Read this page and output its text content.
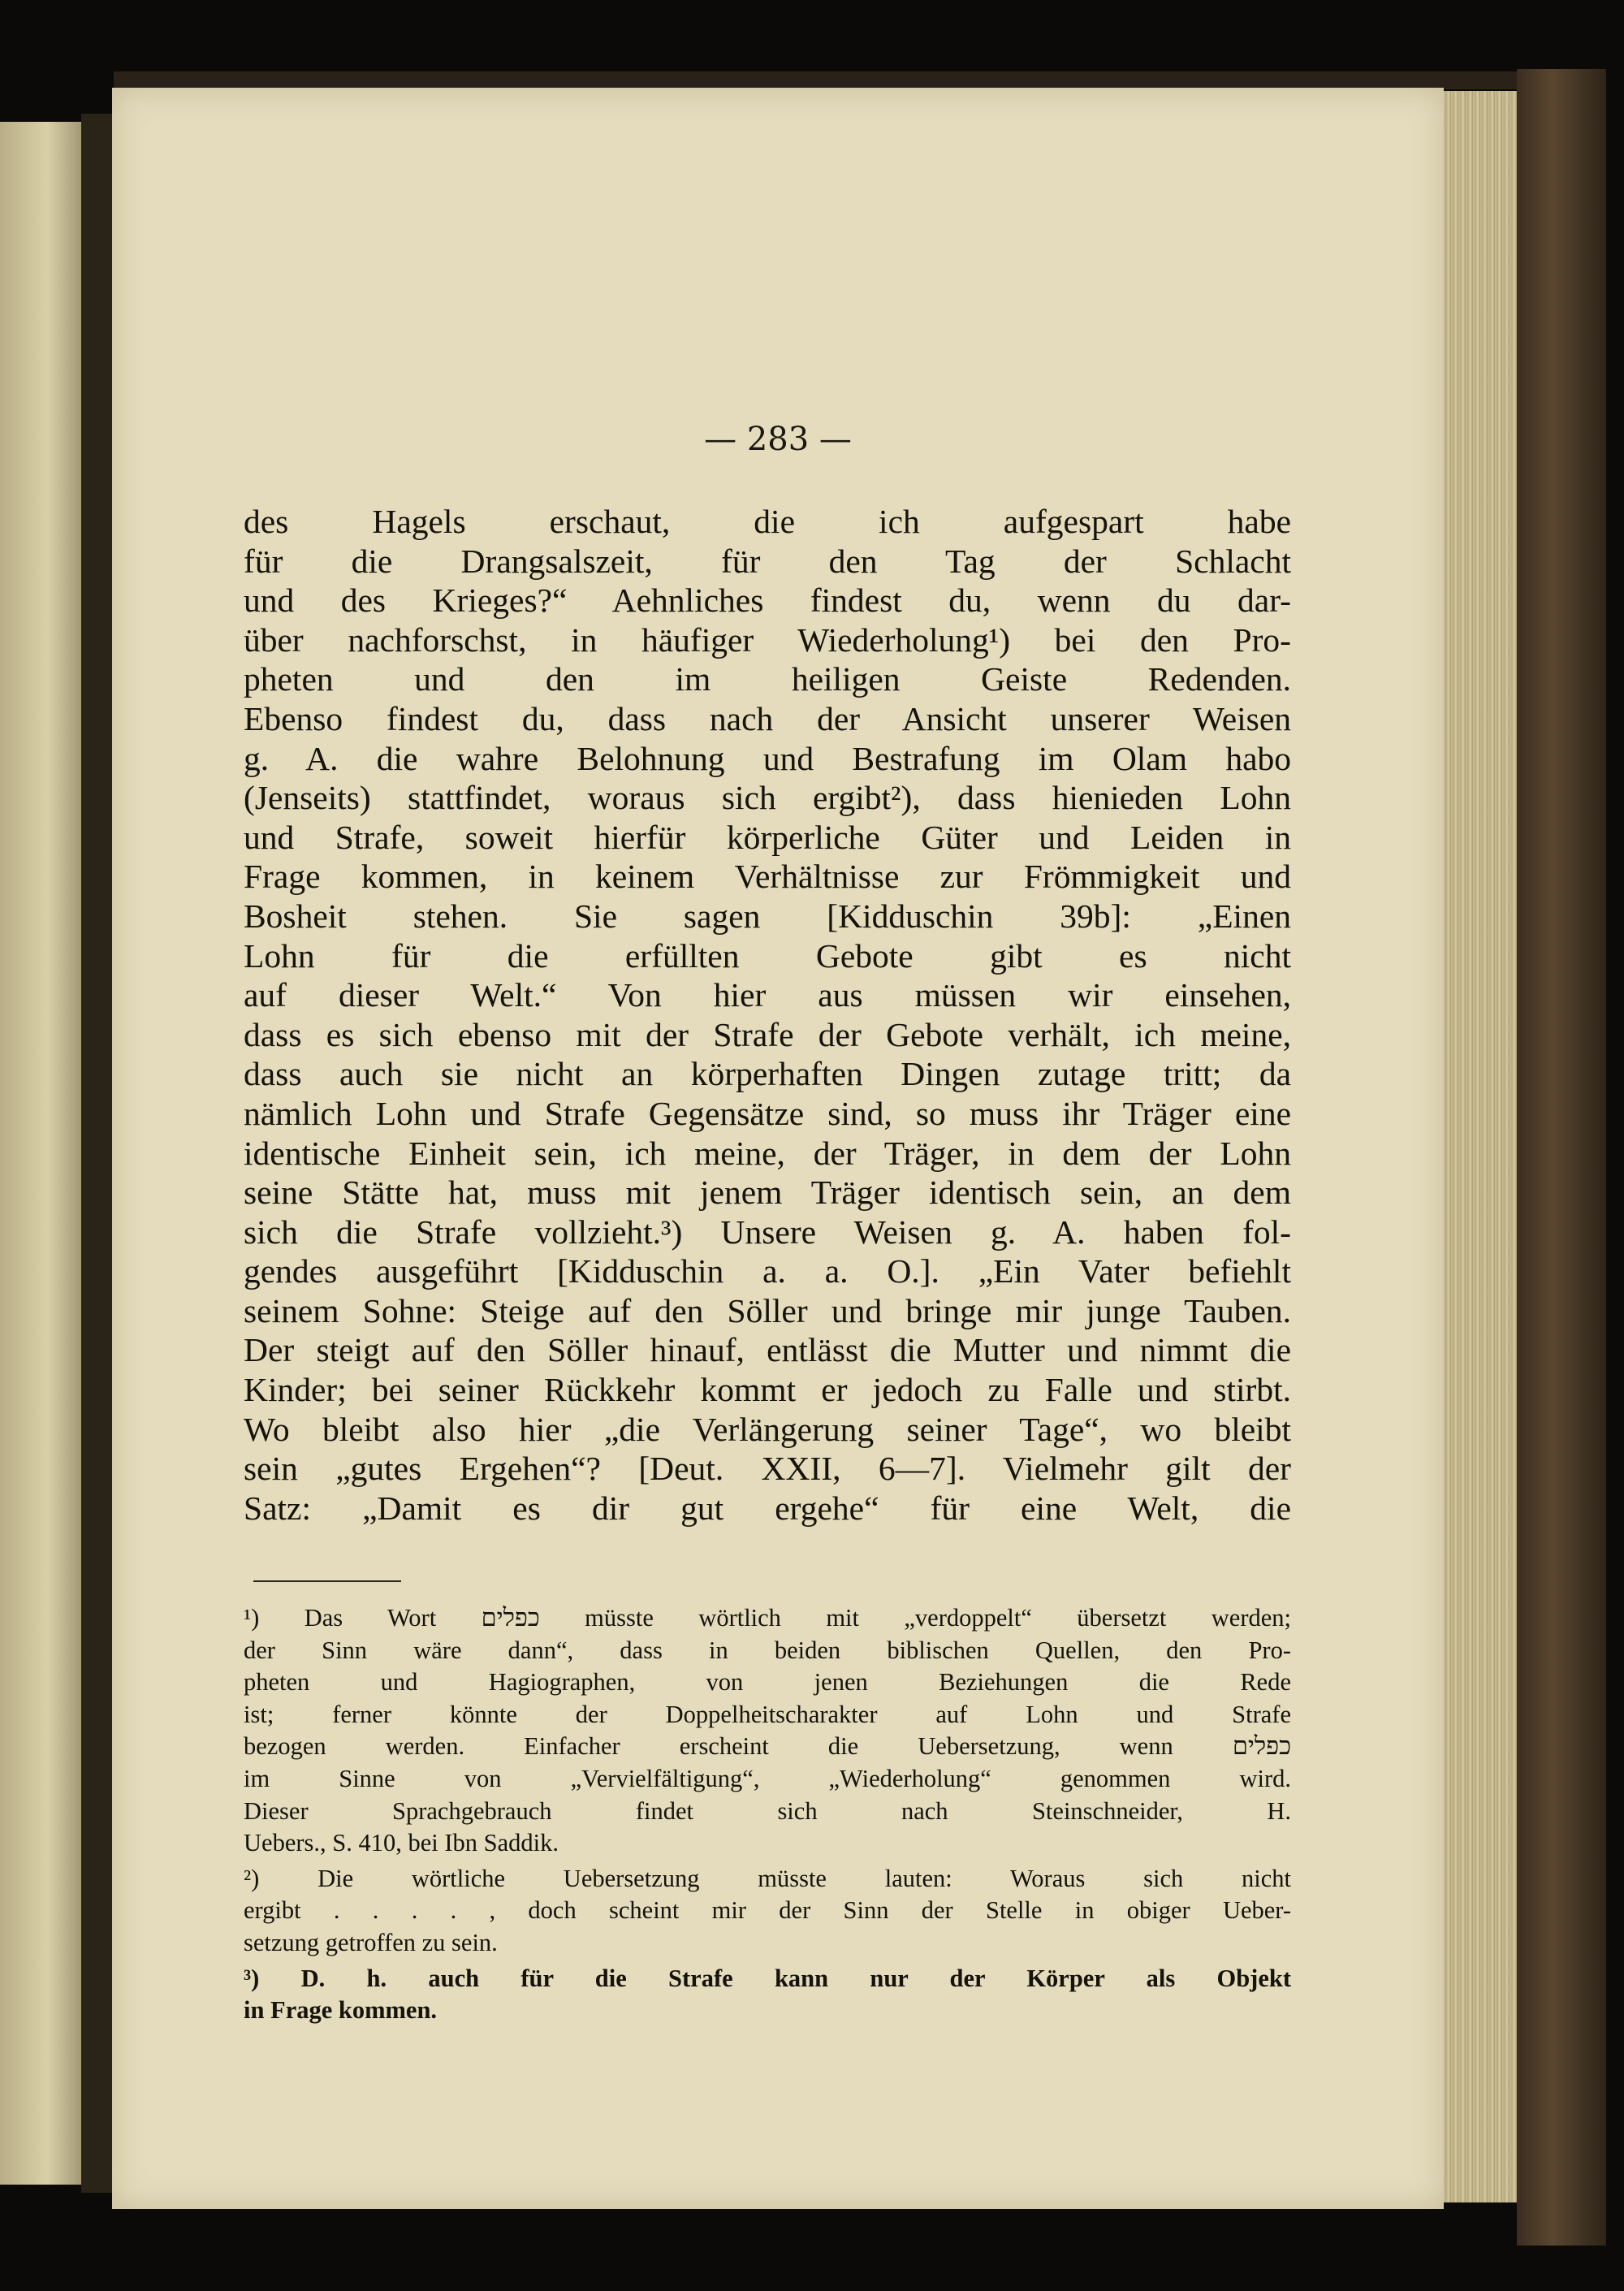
— 283 —
des Hagels erschaut, die ich aufgespart habe
für die Drangsalszeit, für den Tag der Schlacht
und des Krieges?“ Aehnliches findest du, wenn du dar-
über nachforschst, in häufiger Wiederholung¹) bei den Pro-
pheten und den im heiligen Geiste Redenden.
Ebenso findest du, dass nach der Ansicht unserer Weisen
g. A. die wahre Belohnung und Bestrafung im Olam habo
(Jenseits) stattfindet, woraus sich ergibt²), dass hienieden Lohn
und Strafe, soweit hierfür körperliche Güter und Leiden in
Frage kommen, in keinem Verhältnisse zur Frömmigkeit und
Bosheit stehen. Sie sagen [Kidduschin 39b]: „Einen
Lohn für die erfüllten Gebote gibt es nicht
auf dieser Welt.“ Von hier aus müssen wir einsehen,
dass es sich ebenso mit der Strafe der Gebote verhält, ich meine,
dass auch sie nicht an körperhaften Dingen zutage tritt; da
nämlich Lohn und Strafe Gegensätze sind, so muss ihr Träger eine
identische Einheit sein, ich meine, der Träger, in dem der Lohn
seine Stätte hat, muss mit jenem Träger identisch sein, an dem
sich die Strafe vollzieht.³) Unsere Weisen g. A. haben fol-
gendes ausgeführt [Kidduschin a. a. O.]. „Ein Vater befiehlt
seinem Sohne: Steige auf den Söller und bringe mir junge Tauben.
Der steigt auf den Söller hinauf, entlässt die Mutter und nimmt die
Kinder; bei seiner Rückkehr kommt er jedoch zu Falle und stirbt.
Wo bleibt also hier „die Verlängerung seiner Tage“, wo bleibt
sein „gutes Ergehen“? [Deut. XXII, 6—7]. Vielmehr gilt der
Satz: „Damit es dir gut ergehe“ für eine Welt, die
¹) Das Wort כפלים müsste wörtlich mit „verdoppelt“ übersetzt werden;
der Sinn wäre dann“, dass in beiden biblischen Quellen, den Pro-
pheten und Hagiographen, von jenen Beziehungen die Rede
ist; ferner könnte der Doppelheitscharakter auf Lohn und Strafe
bezogen werden. Einfacher erscheint die Uebersetzung, wenn כפלים
im Sinne von „Vervielfältigung“, „Wiederholung“ genommen wird.
Dieser Sprachgebrauch findet sich nach Steinschneider, H.
Uebers., S. 410, bei Ibn Saddik.
²) Die wörtliche Uebersetzung müsste lauten: Woraus sich nicht
ergibt . . . . , doch scheint mir der Sinn der Stelle in obiger Ueber-
setzung getroffen zu sein.
³) D. h. auch für die Strafe kann nur der Körper als Objekt
in Frage kommen.
